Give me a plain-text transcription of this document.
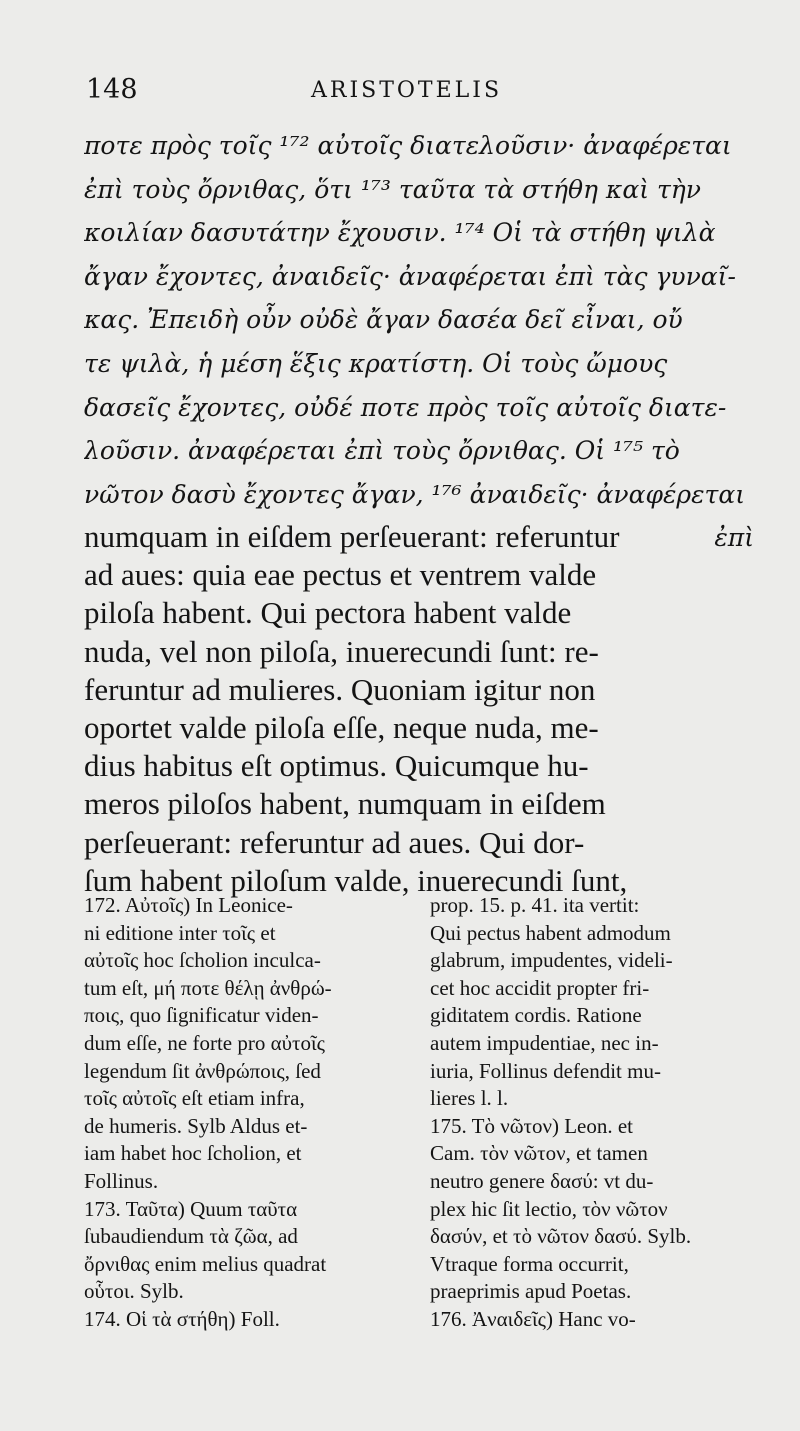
148	ARISTOTELIS
ποτε πρὸς τοῖς ¹⁷² αὐτοῖς διατελοῦσιν· ἀναφέρεται
ἐπὶ τοὺς ὄρνιθας, ὅτι ¹⁷³ ταῦτα τὰ στήθη καὶ τὴν
κοιλίαν δασυτάτην ἔχουσιν. ¹⁷⁴ Οἱ τὰ στήθη ψιλὰ
ἄγαν ἔχοντες, ἀναιδεῖς· ἀναφέρεται ἐπὶ τὰς γυναῖ-
κας. Ἐπειδὴ οὖν οὐδὲ ἄγαν δασέα δεῖ εἶναι, οὔ
τε ψιλὰ, ἡ μέση ἕξις κρατίστη. Οἱ τοὺς ὤμους
δασεῖς ἔχοντες, οὐδέ ποτε πρὸς τοῖς αὐτοῖς διατε-
λοῦσιν. ἀναφέρεται ἐπὶ τοὺς ὄρνιθας. Οἱ ¹⁷⁵ τὸ
νῶτον δασὺ ἔχοντες ἄγαν, ¹⁷⁶ ἀναιδεῖς· ἀναφέρεται
ἐπὶ
numquam in eiſdem perſeuerant: referuntur
ad aues: quia eae pectus et ventrem valde
piloſa habent. Qui pectora habent valde
nuda, vel non piloſa, inuerecundi ſunt: re-
feruntur ad mulieres. Quoniam igitur non
oportet valde piloſa eſſe, neque nuda, me-
dius habitus eſt optimus. Quicumque hu-
meros piloſos habent, numquam in eiſdem
perſeuerant: referuntur ad aues. Qui dor-
ſum habent piloſum valde, inuerecundi ſunt,
172. Αὐτοῖς) In Leonice-
ni editione inter τοῖς et
αὐτοῖς hoc ſcholion inculca-
tum eſt, μή ποτε θέλῃ ἀνθρώ-
ποις, quo ſignificatur viden-
dum eſſe, ne forte pro αὐτοῖς
legendum ſit ἀνθρώποις, ſed
τοῖς αὐτοῖς eſt etiam infra,
de humeris. Sylb Aldus et-
iam habet hoc ſcholion, et
Follinus.
173. Ταῦτα) Quum ταῦτα
ſubaudiendum τὰ ζῶα, ad
ὄρνιθας enim melius quadrat
οὗτοι. Sylb.
174. Οἱ τὰ στήθη) Foll.
prop. 15. p. 41. ita vertit:
Qui pectus habent admodum
glabrum, impudentes, videli-
cet hoc accidit propter fri-
giditatem cordis. Ratione
autem impudentiae, nec in-
iuria, Follinus defendit mu-
lieres l. l.
175. Τὸ νῶτον) Leon. et
Cam. τὸν νῶτον, et tamen
neutro genere δασύ: vt du-
plex hic ſit lectio, τὸν νῶτον
δασύν, et τὸ νῶτον δασύ. Sylb.
Vtraque forma occurrit,
praeprimis apud Poetas.
176. Ἀναιδεῖς) Hanc vo-
